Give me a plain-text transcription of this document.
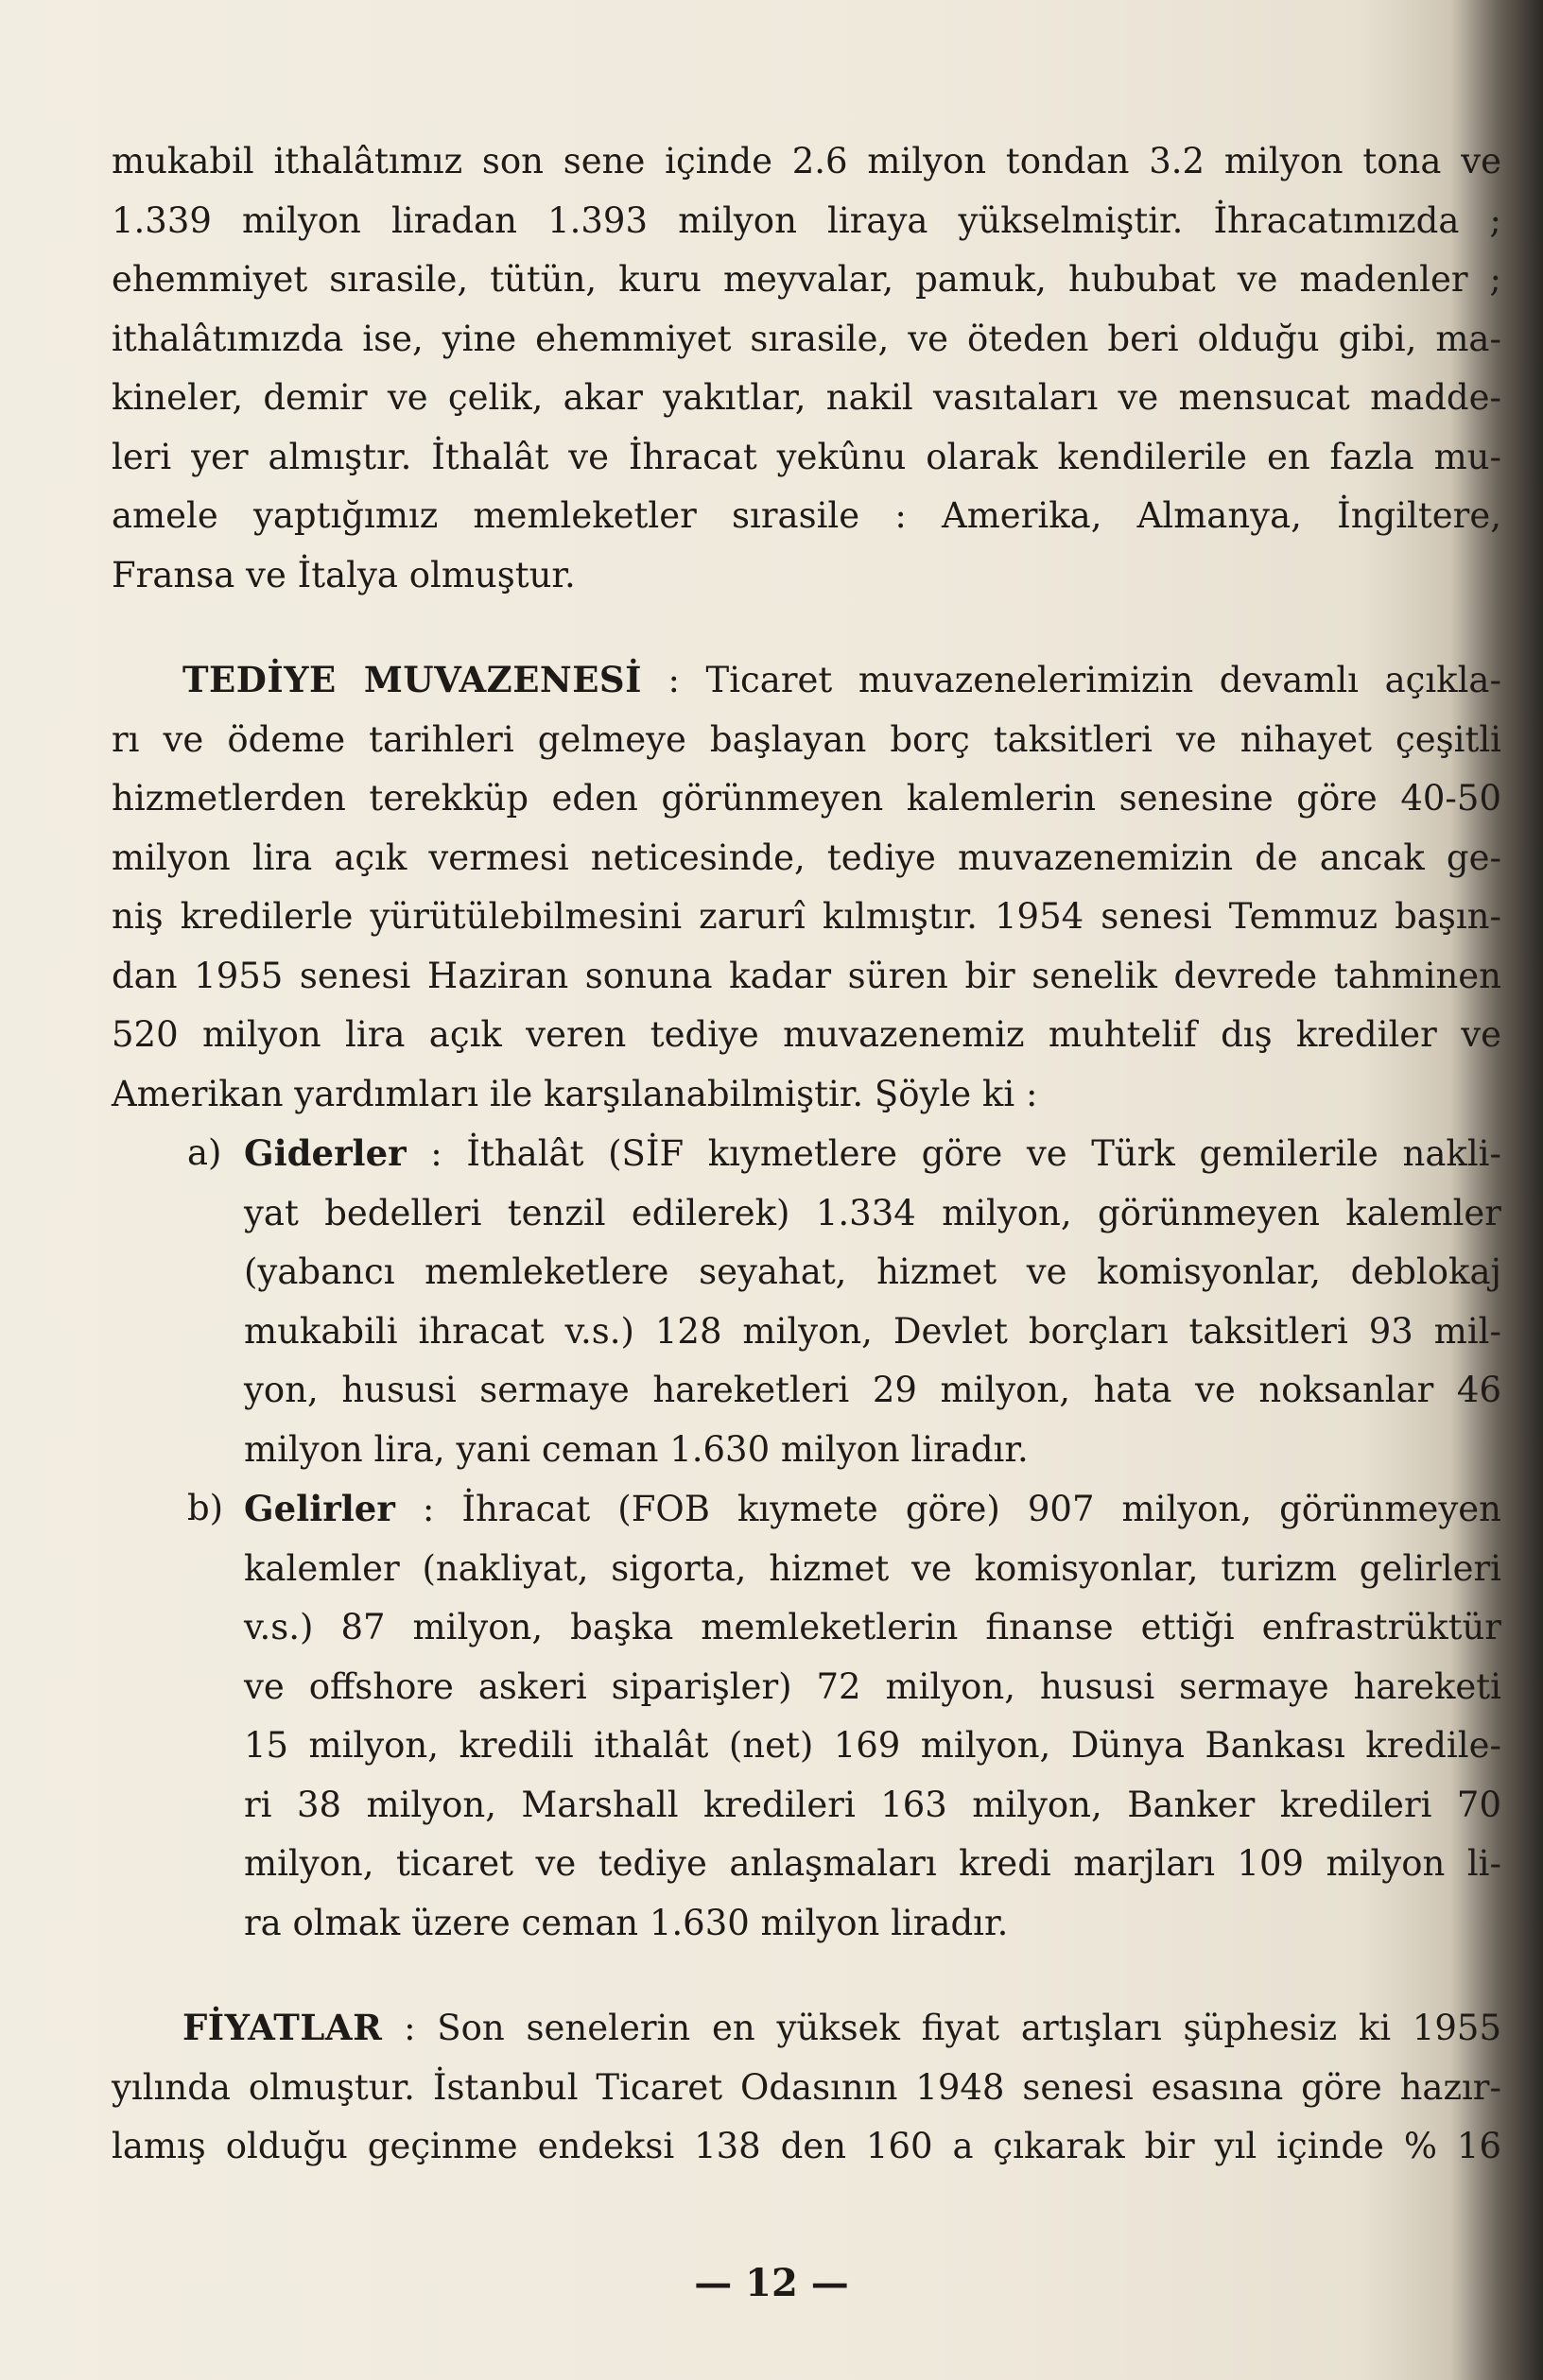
mukabil ithalâtımız son sene içinde 2.6 milyon tondan 3.2 milyon tona ve

1.339 milyon liradan 1.393 milyon liraya yükselmiştir. İhracatımızda ;

ehemmiyet sırasile, tütün, kuru meyvalar, pamuk, hububat ve madenler ;

ithalâtımızda ise, yine ehemmiyet sırasile, ve öteden beri olduğu gibi, ma-

kineler, demir ve çelik, akar yakıtlar, nakil vasıtaları ve mensucat madde-

leri yer almıştır. İthalât ve İhracat yekûnu olarak kendilerile en fazla mu-

amele yaptığımız memleketler sırasile : Amerika, Almanya, İngiltere,

Fransa ve İtalya olmuştur.

TEDİYE MUVAZENESİ : Ticaret muvazenelerimizin devamlı açıkla-

rı ve ödeme tarihleri gelmeye başlayan borç taksitleri ve nihayet çeşitli

hizmetlerden terekküp eden görünmeyen kalemlerin senesine göre 40-50

milyon lira açık vermesi neticesinde, tediye muvazenemizin de ancak ge-

niş kredilerle yürütülebilmesini zarurî kılmıştır. 1954 senesi Temmuz başın-

dan 1955 senesi Haziran sonuna kadar süren bir senelik devrede tahminen

520 milyon lira açık veren tediye muvazenemiz muhtelif dış krediler ve

Amerikan yardımları ile karşılanabilmiştir. Şöyle ki :

a) Giderler : İthalât (SİF kıymetlere göre ve Türk gemilerile nakli-

yat bedelleri tenzil edilerek) 1.334 milyon, görünmeyen kalemler

(yabancı memleketlere seyahat, hizmet ve komisyonlar, deblokaj

mukabili ihracat v.s.) 128 milyon, Devlet borçları taksitleri 93 mil-

yon, hususi sermaye hareketleri 29 milyon, hata ve noksanlar 46

milyon lira, yani ceman 1.630 milyon liradır.

b) Gelirler : İhracat (FOB kıymete göre) 907 milyon, görünmeyen

kalemler (nakliyat, sigorta, hizmet ve komisyonlar, turizm gelirleri

v.s.) 87 milyon, başka memleketlerin finanse ettiği enfrastrüktür

ve offshore askeri siparişler) 72 milyon, hususi sermaye hareketi

15 milyon, kredili ithalât (net) 169 milyon, Dünya Bankası kredile-

ri 38 milyon, Marshall kredileri 163 milyon, Banker kredileri 70

milyon, ticaret ve tediye anlaşmaları kredi marjları 109 milyon li-

ra olmak üzere ceman 1.630 milyon liradır.

FİYATLAR : Son senelerin en yüksek fiyat artışları şüphesiz ki 1955

yılında olmuştur. İstanbul Ticaret Odasının 1948 senesi esasına göre hazır-

lamış olduğu geçinme endeksi 138 den 160 a çıkarak bir yıl içinde % 16

— 12 —
